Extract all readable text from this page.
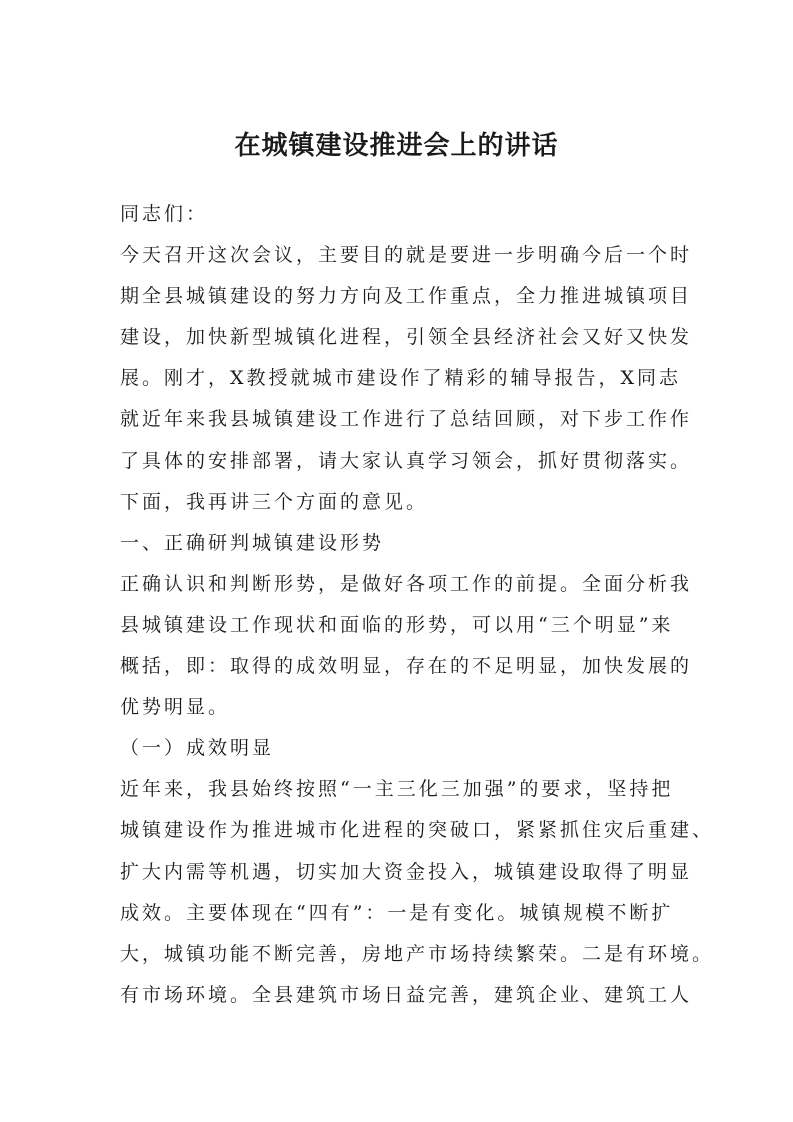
在城镇建设推进会上的讲话
同志们：
今天召开这次会议，主要目的就是要进一步明确今后一个时
期全县城镇建设的努力方向及工作重点，全力推进城镇项目
建设，加快新型城镇化进程，引领全县经济社会又好又快发
展。刚才，X教授就城市建设作了精彩的辅导报告，X同志
就近年来我县城镇建设工作进行了总结回顾，对下步工作作
了具体的安排部署，请大家认真学习领会，抓好贯彻落实。
下面，我再讲三个方面的意见。
一、正确研判城镇建设形势
正确认识和判断形势，是做好各项工作的前提。全面分析我
县城镇建设工作现状和面临的形势，可以用“三个明显”来
概括，即：取得的成效明显，存在的不足明显，加快发展的
优势明显。
（一）成效明显
近年来，我县始终按照“一主三化三加强”的要求，坚持把
城镇建设作为推进城市化进程的突破口，紧紧抓住灾后重建、
扩大内需等机遇，切实加大资金投入，城镇建设取得了明显
成效。主要体现在“四有”：一是有变化。城镇规模不断扩
大，城镇功能不断完善，房地产市场持续繁荣。二是有环境。
有市场环境。全县建筑市场日益完善，建筑企业、建筑工人
